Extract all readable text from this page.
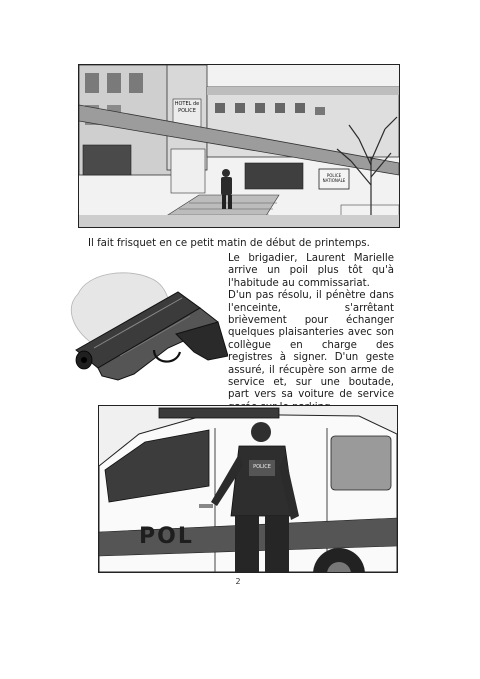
HOTEL de POLICE
POLICE NATIONALE
Il fait frisquet en ce petit matin de début de printemps.

Le brigadier, Laurent Marielle arrive un poil plus tôt qu'à l'habitude au commissariat.

D'un pas résolu, il pénètre dans l'enceinte, s'arrêtant brièvement pour échanger quelques plaisanteries avec son collègue en charge des registres à signer. D'un geste assuré, il récupère son arme de service et, sur une boutade, part vers sa voiture de service

POL
POLICE
2
